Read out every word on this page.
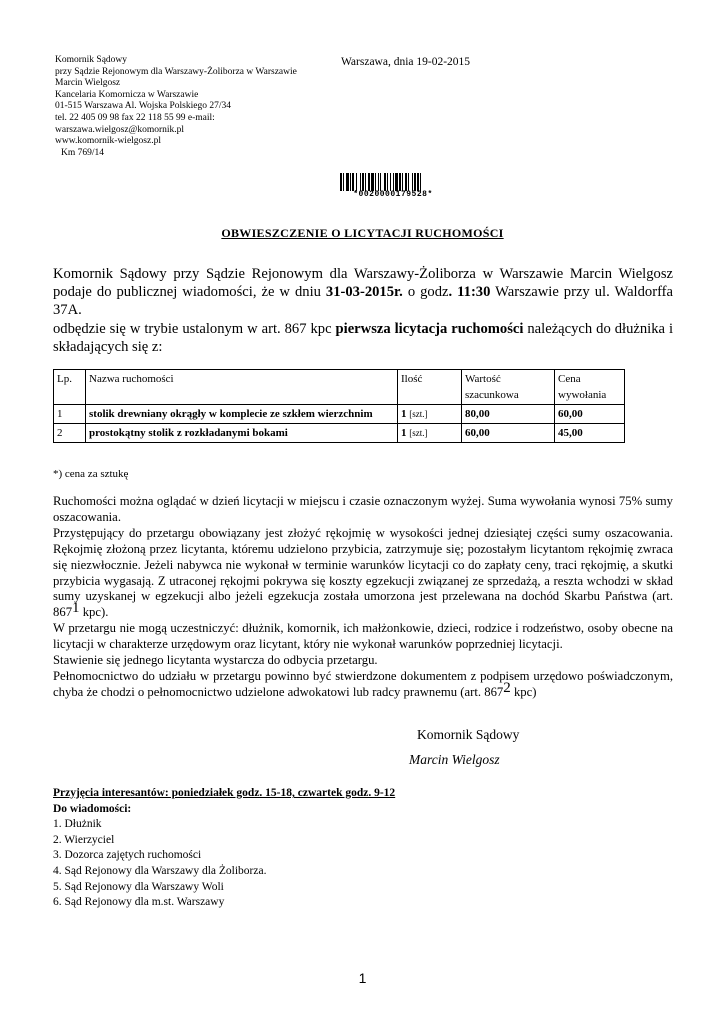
Komornik Sądowy
przy Sądzie Rejonowym dla Warszawy-Żoliborza w Warszawie
Marcin Wielgosz
Kancelaria Komornicza w Warszawie
01-515 Warszawa Al. Wojska Polskiego 27/34
tel. 22 405 09 98 fax 22 118 55 99 e-mail:
warszawa.wielgosz@komornik.pl
www.komornik-wielgosz.pl
Km 769/14
Warszawa, dnia 19-02-2015
*0020000179528*
OBWIESZCZENIE O LICYTACJI RUCHOMOŚCI

Komornik Sądowy przy Sądzie Rejonowym dla Warszawy-Żoliborza w Warszawie Marcin Wielgosz podaje do publicznej wiadomości, że w dniu 31-03-2015r. o godz. 11:30 Warszawie przy ul. Waldorffa 37A.

odbędzie się w trybie ustalonym w art. 867 kpc pierwsza licytacja ruchomości należących do dłużnika i składających się z:

Lp.	Nazwa ruchomości	Ilość	Wartość szacunkowa	Cena wywołania
1	stolik drewniany okrągły w komplecie ze szkłem wierzchnim	1 [szt.]	80,00	60,00
2	prostokątny stolik z rozkładanymi bokami	1 [szt.]	60,00	45,00
*) cena za sztukę

Ruchomości można oglądać w dzień licytacji w miejscu i czasie oznaczonym wyżej. Suma wywołania wynosi 75% sumy oszacowania.

Przystępujący do przetargu obowiązany jest złożyć rękojmię w wysokości jednej dziesiątej części sumy oszacowania. Rękojmię złożoną przez licytanta, któremu udzielono przybicia, zatrzymuje się; pozostałym licytantom rękojmię zwraca się niezwłocznie. Jeżeli nabywca nie wykonał w terminie warunków licytacji co do zapłaty ceny, traci rękojmię, a skutki przybicia wygasają. Z utraconej rękojmi pokrywa się koszty egzekucji związanej ze sprzedażą, a reszta wchodzi w skład sumy uzyskanej w egzekucji albo jeżeli egzekucja została umorzona jest przelewana na dochód Skarbu Państwa (art. $867^1$ kpc).

W przetargu nie mogą uczestniczyć: dłużnik, komornik, ich małżonkowie, dzieci, rodzice i rodzeństwo, osoby obecne na licytacji w charakterze urzędowym oraz licytant, który nie wykonał warunków poprzedniej licytacji.

Stawienie się jednego licytanta wystarcza do odbycia przetargu.

Pełnomocnictwo do udziału w przetargu powinno być stwierdzone dokumentem z podpisem urzędowo poświadczonym, chyba że chodzi o pełnomocnictwo udzielone adwokatowi lub radcy prawnemu (art. $867^2$ kpc)

Komornik Sądowy
Marcin Wielgosz
Przyjęcia interesantów: poniedziałek godz. 15-18, czwartek godz. 9-12
Do wiadomości:
1. Dłużnik
2. Wierzyciel
3. Dozorca zajętych ruchomości
4. Sąd Rejonowy dla Warszawy dla Żoliborza.
5. Sąd Rejonowy dla Warszawy Woli
6. Sąd Rejonowy dla m.st. Warszawy
1
